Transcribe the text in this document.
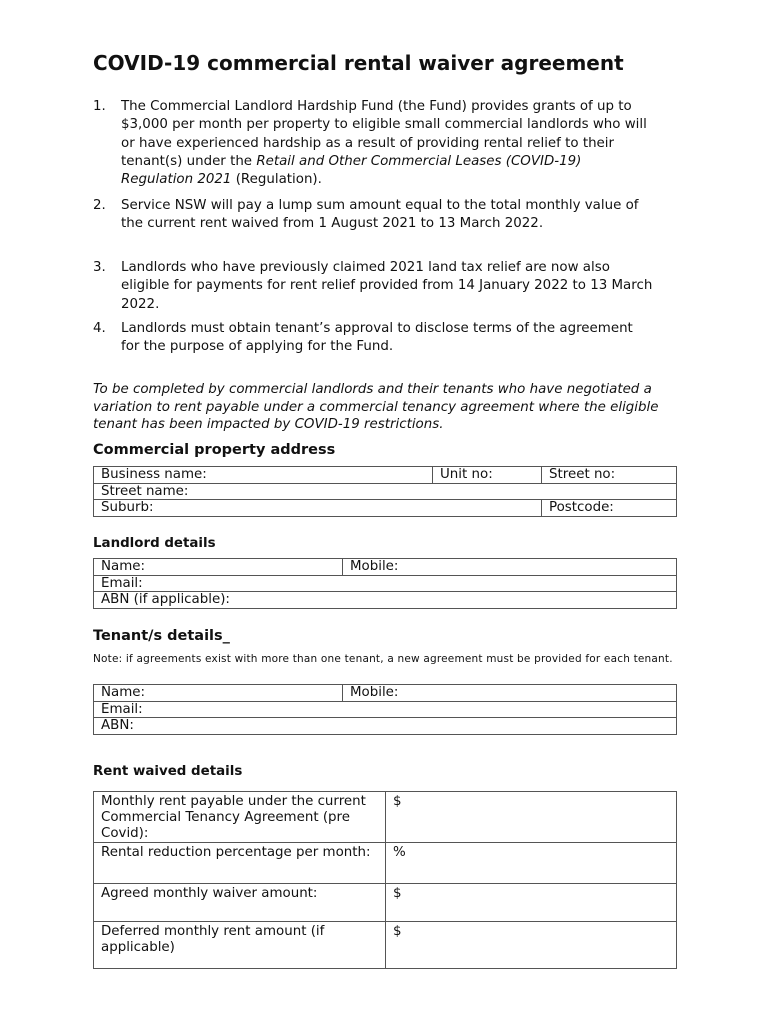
COVID-19 commercial rental waiver agreement
1. The Commercial Landlord Hardship Fund (the Fund) provides grants of up to $3,000 per month per property to eligible small commercial landlords who will or have experienced hardship as a result of providing rental relief to their tenant(s) under the Retail and Other Commercial Leases (COVID-19) Regulation 2021 (Regulation).
2. Service NSW will pay a lump sum amount equal to the total monthly value of the current rent waived from 1 August 2021 to 13 March 2022.
3. Landlords who have previously claimed 2021 land tax relief are now also eligible for payments for rent relief provided from 14 January 2022 to 13 March 2022.
4. Landlords must obtain tenant’s approval to disclose terms of the agreement for the purpose of applying for the Fund.
To be completed by commercial landlords and their tenants who have negotiated a variation to rent payable under a commercial tenancy agreement where the eligible tenant has been impacted by COVID-19 restrictions.
Commercial property address
Business name:	Unit no:	Street no:
Street name:		
Suburb:		Postcode:
Landlord details
Name:	Mobile:
Email:
ABN (if applicable):
Tenant/s details_
Note: if agreements exist with more than one tenant, a new agreement must be provided for each tenant.
Name:	Mobile:
Email:
ABN:
Rent waived details
Monthly rent payable under the current Commercial Tenancy Agreement (pre Covid):	$
Rental reduction percentage per month:	%
Agreed monthly waiver amount:	$
Deferred monthly rent amount (if applicable)	$
